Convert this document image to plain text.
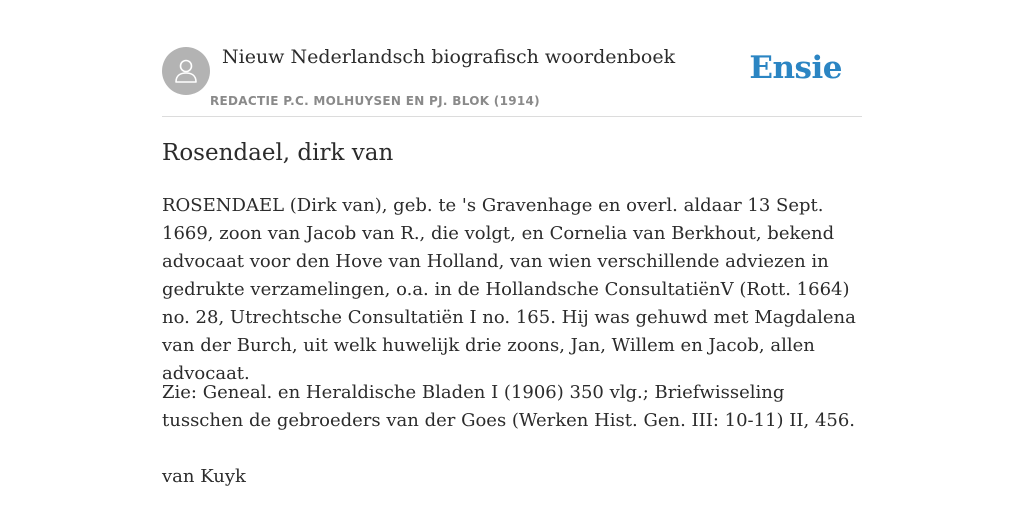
Nieuw Nederlandsch biografisch woordenboek
REDACTIE P.C. MOLHUYSEN EN PJ. BLOK (1914)
Ensie
Rosendael, dirk van

ROSENDAEL (Dirk van), geb. te 's Gravenhage en overl. aldaar 13 Sept. 1669, zoon van Jacob van R., die volgt, en Cornelia van Berkhout, bekend advocaat voor den Hove van Holland, van wien verschillende adviezen in gedrukte verzamelingen, o.a. in de Hollandsche ConsultatiënV (Rott. 1664) no. 28, Utrechtsche Consultatiën I no. 165. Hij was gehuwd met Magdalena van der Burch, uit welk huwelijk drie zoons, Jan, Willem en Jacob, allen advocaat.

Zie: Geneal. en Heraldische Bladen I (1906) 350 vlg.; Briefwisseling tusschen de gebroeders van der Goes (Werken Hist. Gen. III: 10-11) II, 456.

van Kuyk
